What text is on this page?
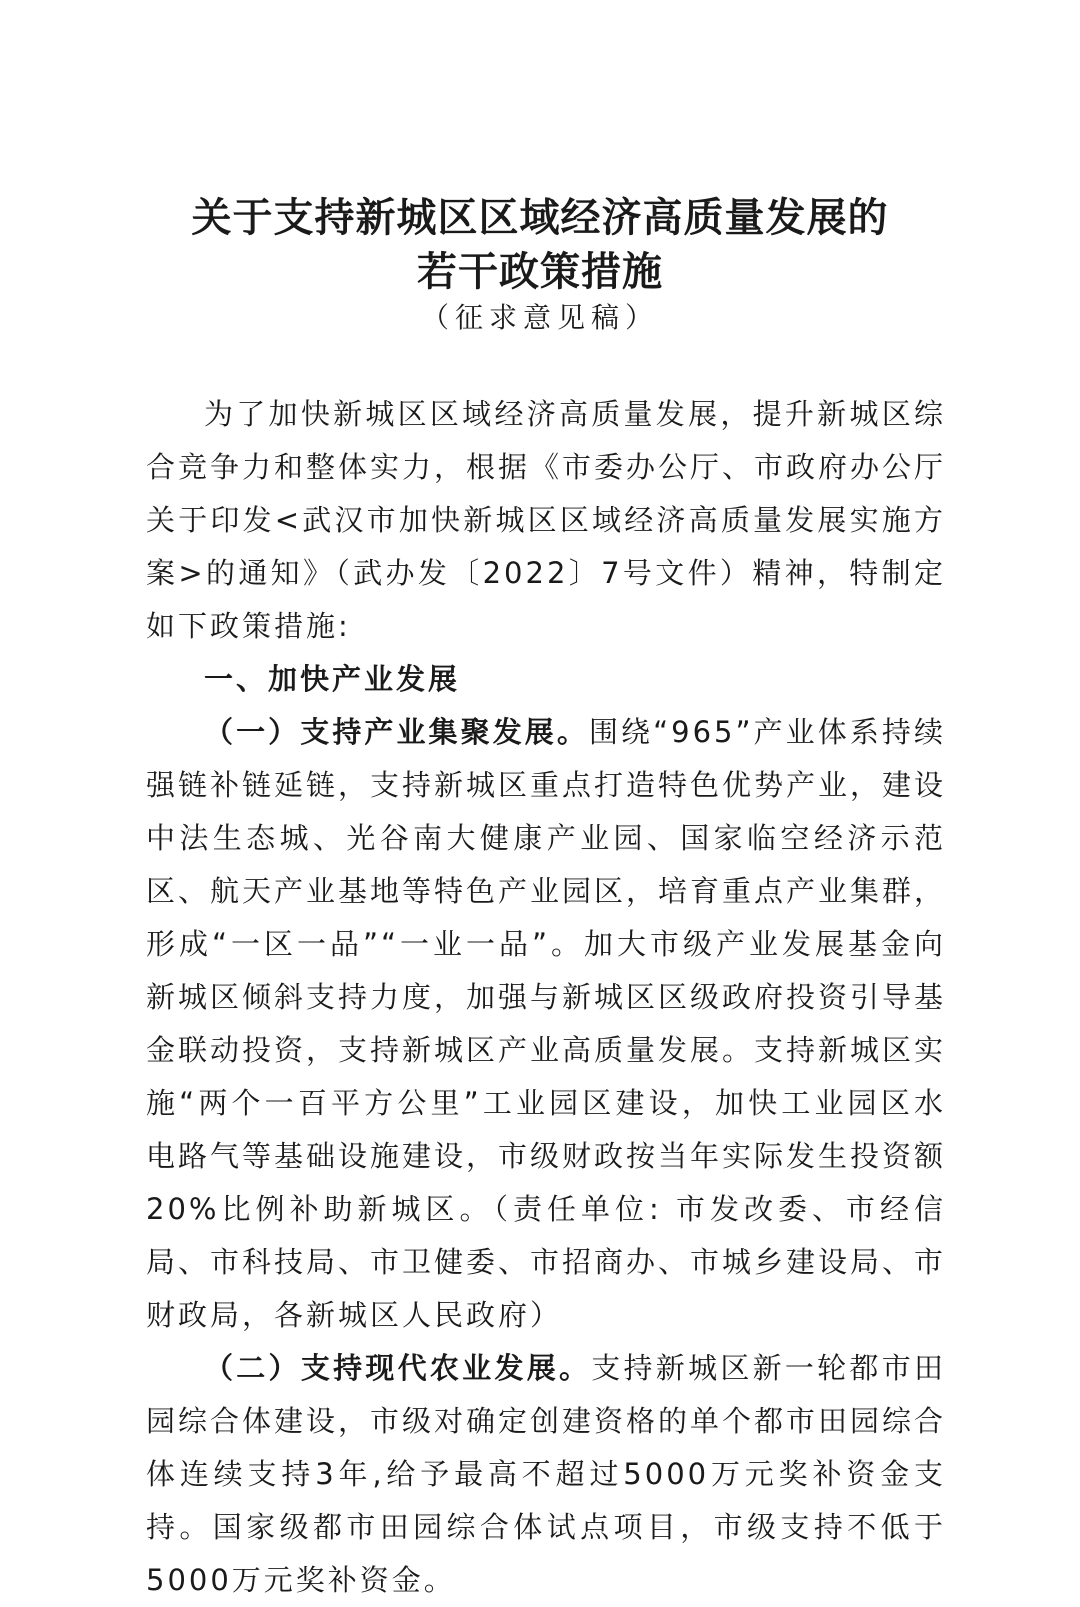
关于支持新城区区域经济高质量发展的
若干政策措施

（征求意见稿）

为了加快新城区区域经济高质量发展，提升新城区综合竞争力和整体实力，根据《市委办公厅、市政府办公厅关于印发<武汉市加快新城区区域经济高质量发展实施方案>的通知》（武办发〔2022〕7号文件）精神，特制定如下政策措施:

一、加快产业发展

（一）支持产业集聚发展。围绕“965”产业体系持续强链补链延链，支持新城区重点打造特色优势产业，建设中法生态城、光谷南大健康产业园、国家临空经济示范区、航天产业基地等特色产业园区，培育重点产业集群，形成“一区一品”“一业一品”。加大市级产业发展基金向新城区倾斜支持力度，加强与新城区区级政府投资引导基金联动投资，支持新城区产业高质量发展。支持新城区实施“两个一百平方公里”工业园区建设，加快工业园区水电路气等基础设施建设，市级财政按当年实际发生投资额20%比例补助新城区。（责任单位: 市发改委、市经信局、市科技局、市卫健委、市招商办、市城乡建设局、市财政局，各新城区人民政府）

（二）支持现代农业发展。支持新城区新一轮都市田园综合体建设，市级对确定创建资格的单个都市田园综合体连续支持3年,给予最高不超过5000万元奖补资金支持。国家级都市田园综合体试点项目，市级支持不低于5000万元奖补资金。
